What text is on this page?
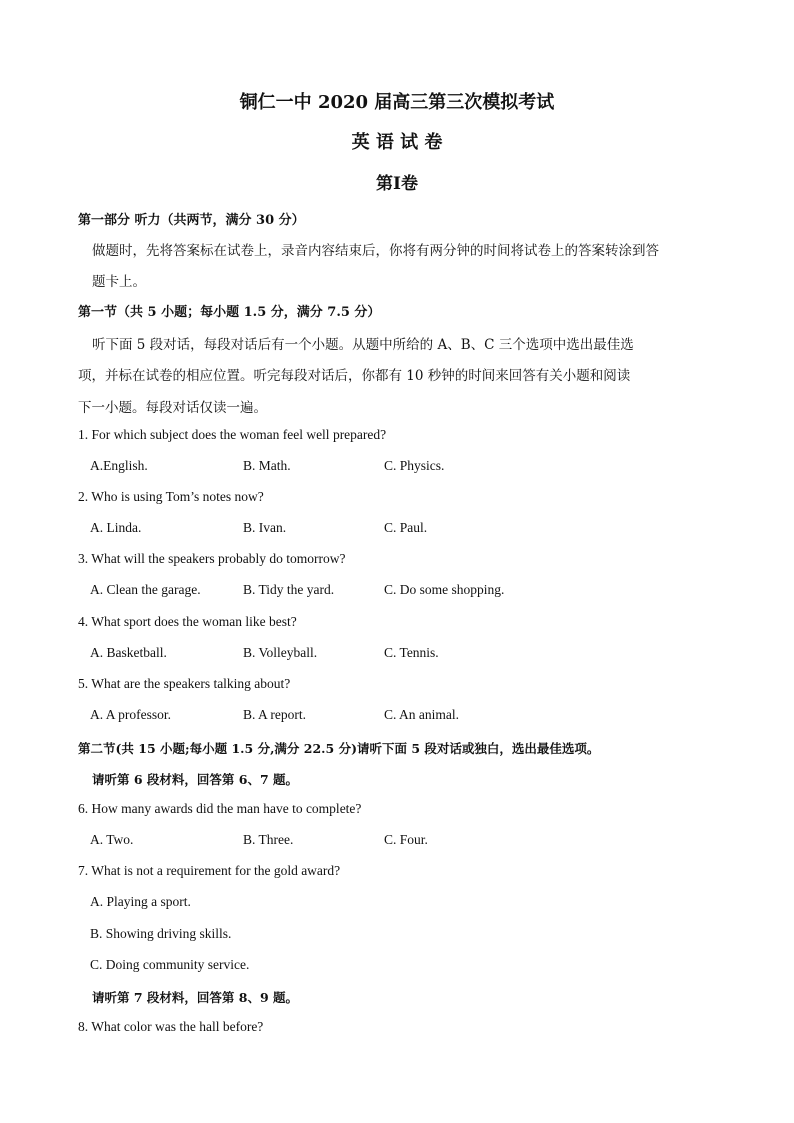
铜仁一中 2020 届高三第三次模拟考试
英 语 试 卷
第Ⅰ卷
第一部分 听力（共两节，满分 30 分）
做题时，先将答案标在试卷上，录音内容结束后，你将有两分钟的时间将试卷上的答案转涂到答
题卡上。
第一节（共 5 小题；每小题 1.5 分，满分 7.5 分）
听下面 5 段对话，每段对话后有一个小题。从题中所给的 A、B、C 三个选项中选出最佳选
项，并标在试卷的相应位置。听完每段对话后，你都有 10 秒钟的时间来回答有关小题和阅读
下一小题。每段对话仅读一遍。
1. For which subject does the woman feel well prepared?
A.English.	B. Math.	C. Physics.
2. Who is using Tom’s notes now?
A. Linda.	B. Ivan.	C. Paul.
3. What will the speakers probably do tomorrow?
A. Clean the garage.	B. Tidy the yard.	C. Do some shopping.
4. What sport does the woman like best?
A. Basketball.	B. Volleyball.	C. Tennis.
5. What are the speakers talking about?
A. A professor.	B. A report.	C. An animal.
第二节(共 15 小题;每小题 1.5 分,满分 22.5 分)请听下面 5 段对话或独白，选出最佳选项。
请听第 6 段材料，回答第 6、7 题。
6. How many awards did the man have to complete?
A. Two.	B. Three.	C. Four.
7. What is not a requirement for the gold award?
A. Playing a sport.
B. Showing driving skills.
C. Doing community service.
请听第 7 段材料，回答第 8、9 题。
8. What color was the hall before?
